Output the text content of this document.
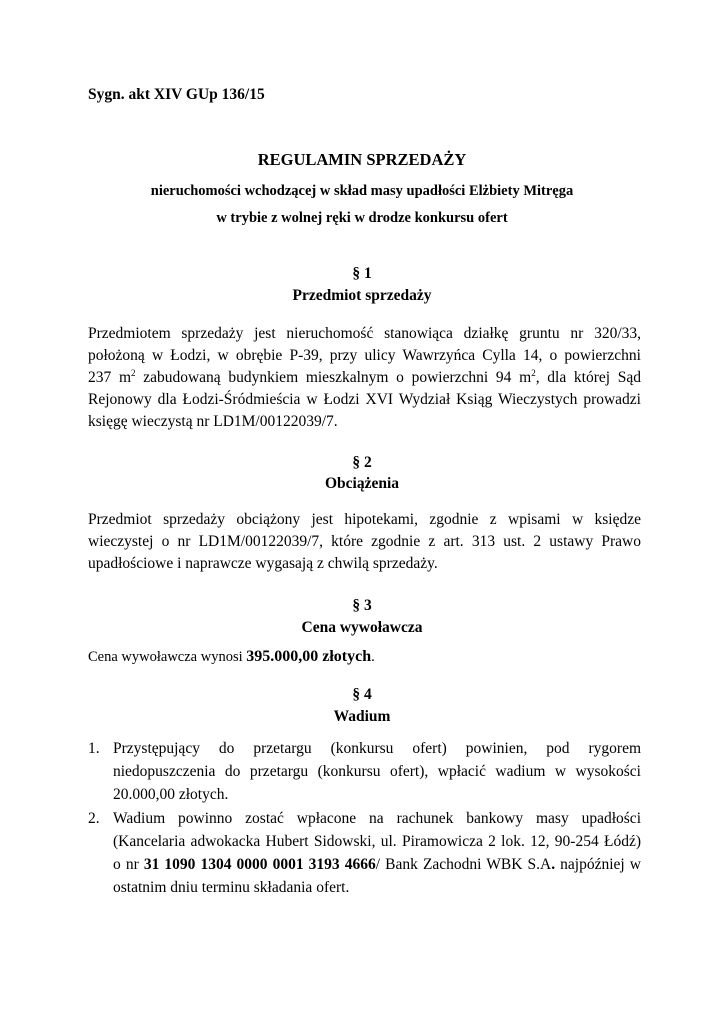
Sygn. akt XIV GUp 136/15
REGULAMIN SPRZEDAŻY
nieruchomości wchodzącej w skład masy upadłości Elżbiety Mitręga
w trybie z wolnej ręki w drodze konkursu ofert
§ 1
Przedmiot sprzedaży
Przedmiotem sprzedaży jest nieruchomość stanowiąca działkę gruntu nr 320/33,
położoną w Łodzi, w obrębie P-39, przy ulicy Wawrzyńca Cylla 14, o powierzchni
237 $m^2$ zabudowaną budynkiem mieszkalnym o powierzchni 94 $m^2$, dla której Sąd
Rejonowy dla Łodzi-Śródmieścia w Łodzi XVI Wydział Ksiąg Wieczystych prowadzi
księgę wieczystą nr LD1M/00122039/7.
§ 2
Obciążenia
Przedmiot sprzedaży obciążony jest hipotekami, zgodnie z wpisami w księdze
wieczystej o nr LD1M/00122039/7, które zgodnie z art. 313 ust. 2 ustawy Prawo
upadłościowe i naprawcze wygasają z chwilą sprzedaży.
§ 3
Cena wywoławcza
Cena wywoławcza wynosi 395.000,00 złotych.
§ 4
Wadium
1. Przystępujący do przetargu (konkursu ofert) powinien, pod rygorem
niedopuszczenia do przetargu (konkursu ofert), wpłacić wadium w wysokości
20.000,00 złotych.
2. Wadium powinno zostać wpłacone na rachunek bankowy masy upadłości
(Kancelaria adwokacka Hubert Sidowski, ul. Piramowicza 2 lok. 12, 90-254 Łódź)
o nr 31 1090 1304 0000 0001 3193 4666/ Bank Zachodni WBK S.A. najpóźniej w
ostatnim dniu terminu składania ofert.
